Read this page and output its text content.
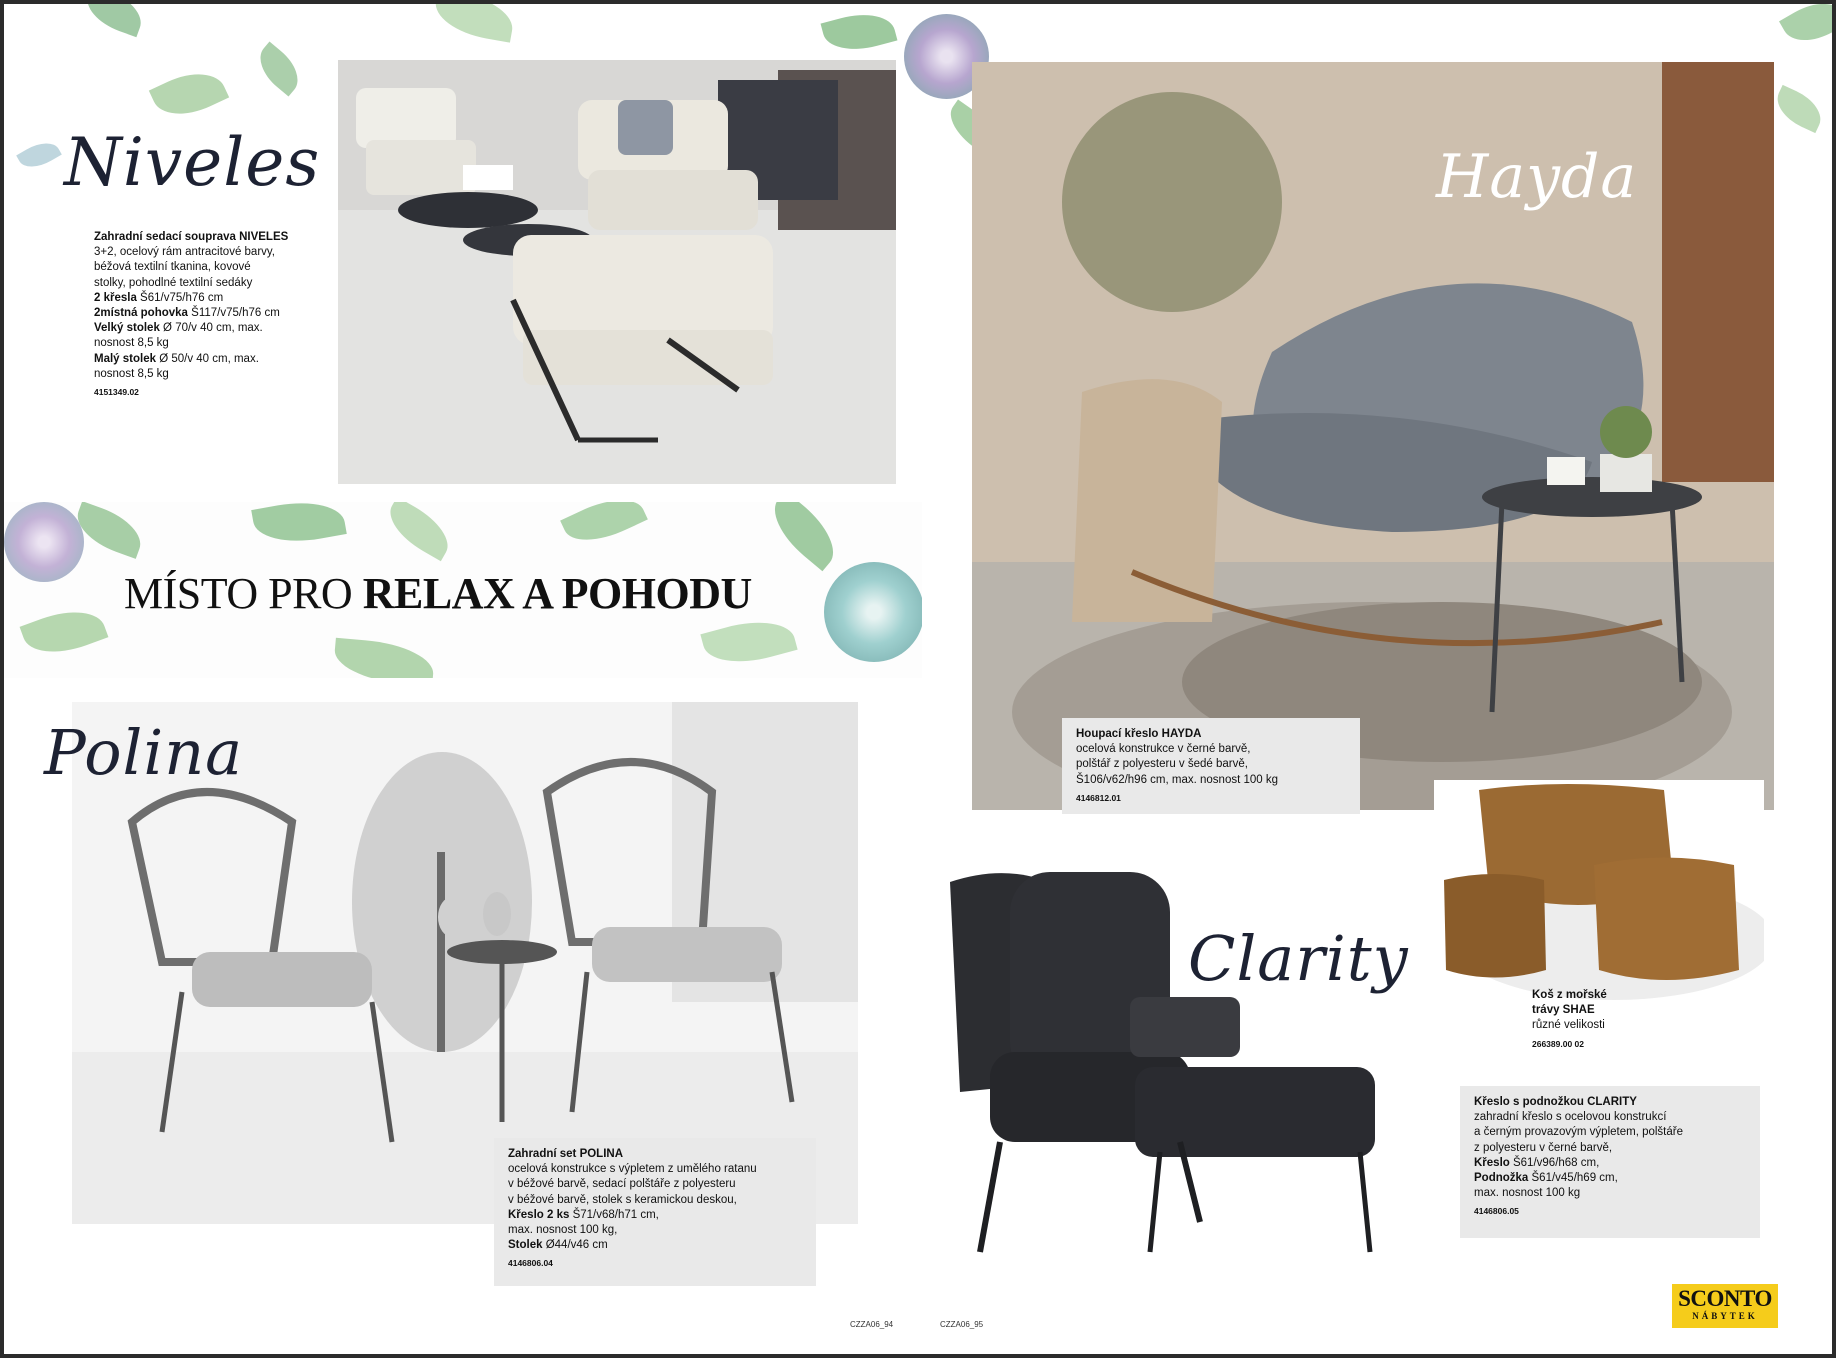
Niveles
Zahradní sedací souprava NIVELES
3+2, ocelový rám antracitové barvy,
béžová textilní tkanina, kovové
stolky, pohodlné textilní sedáky
2 křesla Š61/v75/h76 cm
2místná pohovka Š117/v75/h76 cm
Velký stolek Ø 70/v 40 cm, max.
nosnost 8,5 kg
Malý stolek Ø 50/v 40 cm, max.
nosnost 8,5 kg
4151349.02
MÍSTO PRO RELAX A POHODU
Polina
Zahradní set POLINA
ocelová konstrukce s výpletem z umělého ratanu
v béžové barvě, sedací polštáře z polyesteru
v béžové barvě, stolek s keramickou deskou,
Křeslo 2 ks Š71/v68/h71 cm,
max. nosnost 100 kg,
Stolek Ø44/v46 cm
4146806.04
Hayda
Houpací křeslo HAYDA
ocelová konstrukce v černé barvě,
polštář z polyesteru v šedé barvě,
Š106/v62/h96 cm, max. nosnost 100 kg
4146812.01
Koš z mořské
trávy SHAE
různé velikosti
266389.00 02
Clarity
Křeslo s podnožkou CLARITY
zahradní křeslo s ocelovou konstrukcí
a černým provazovým výpletem, polštáře
z polyesteru v černé barvě,
Křeslo Š61/v96/h68 cm,
Podnožka Š61/v45/h69 cm,
max. nosnost 100 kg
4146806.05
CZZA06_94	CZZA06_95
SCONTO
NÁBYTEK
